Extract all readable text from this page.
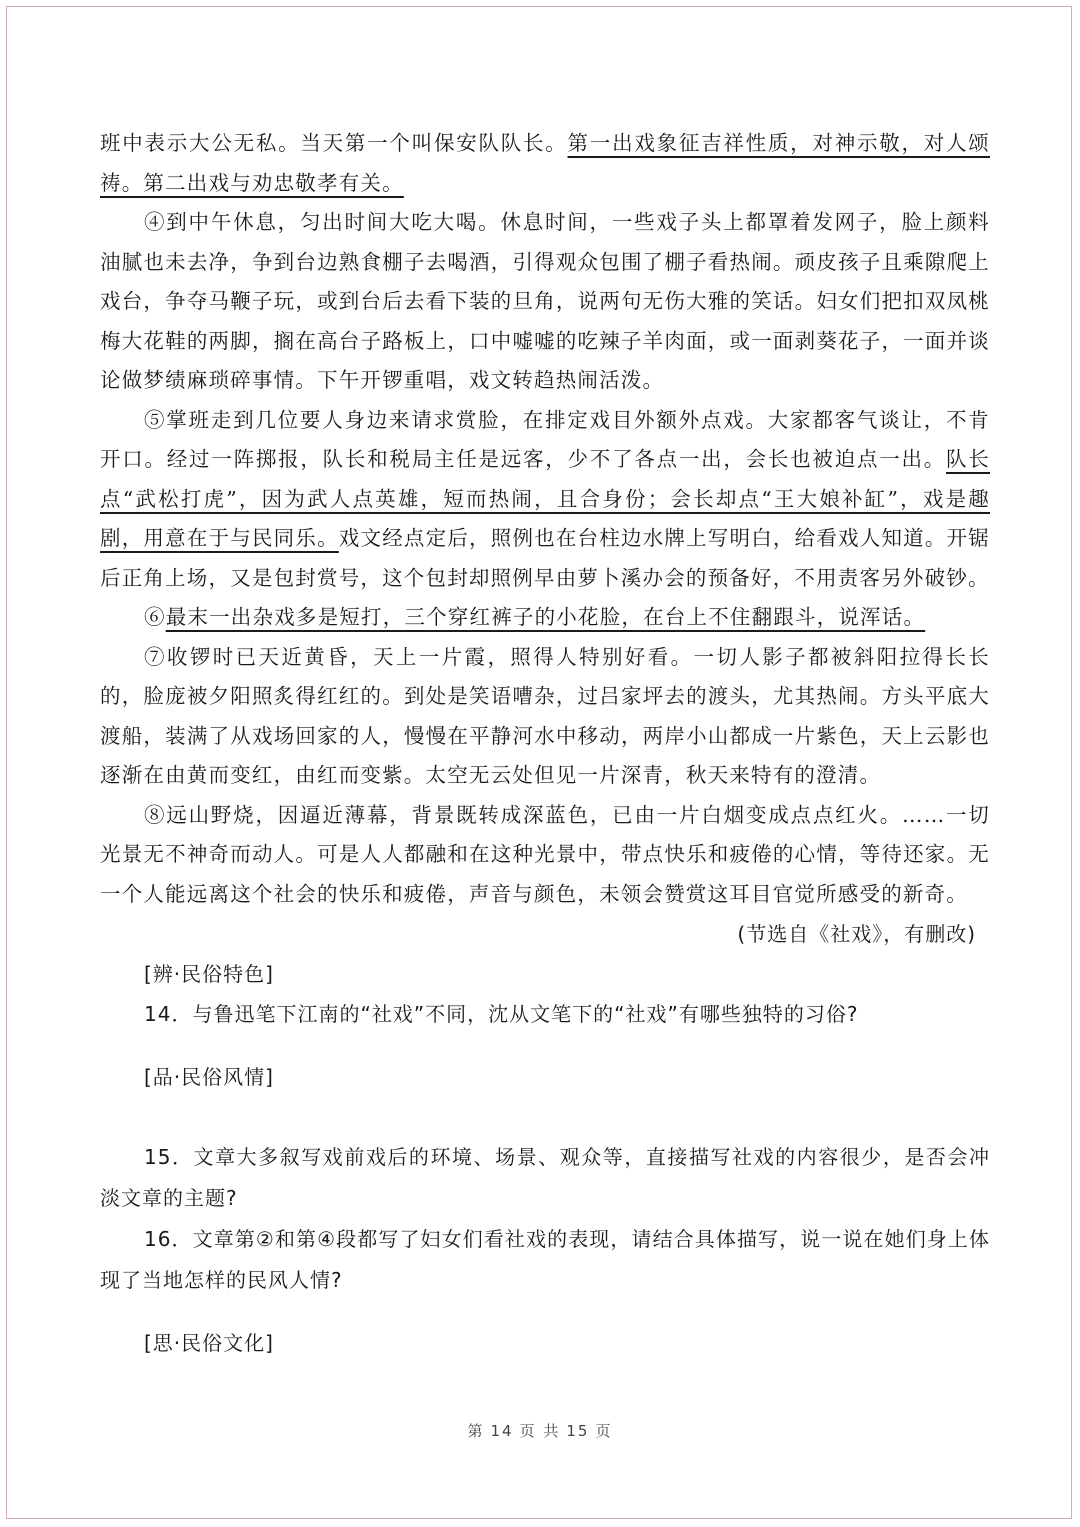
班中表示大公无私。当天第一个叫保安队队长。第一出戏象征吉祥性质，对神示敬，对人颂祷。第二出戏与劝忠敬孝有关。

④到中午休息，匀出时间大吃大喝。休息时间，一些戏子头上都罩着发网子，脸上颜料油腻也未去净，争到台边熟食棚子去喝酒，引得观众包围了棚子看热闹。顽皮孩子且乘隙爬上戏台，争夺马鞭子玩，或到台后去看下装的旦角，说两句无伤大雅的笑话。妇女们把扣双凤桃梅大花鞋的两脚，搁在高台子路板上，口中嘘嘘的吃辣子羊肉面，或一面剥葵花子，一面并谈论做梦绩麻琐碎事情。下午开锣重唱，戏文转趋热闹活泼。

⑤掌班走到几位要人身边来请求赏脸，在排定戏目外额外点戏。大家都客气谈让，不肯开口。经过一阵掷报，队长和税局主任是远客，少不了各点一出，会长也被迫点一出。队长点“武松打虎”，因为武人点英雄，短而热闹，且合身份；会长却点“王大娘补缸”，戏是趣剧，用意在于与民同乐。戏文经点定后，照例也在台柱边水牌上写明白，给看戏人知道。开锯后正角上场，又是包封赏号，这个包封却照例早由萝卜溪办会的预备好，不用责客另外破钞。

⑥最末一出杂戏多是短打，三个穿红裤子的小花脸，在台上不住翻跟斗，说浑话。

⑦收锣时已天近黄昏，天上一片霞，照得人特别好看。一切人影子都被斜阳拉得长长的，脸庞被夕阳照炙得红红的。到处是笑语嘈杂，过吕家坪去的渡头，尤其热闹。方头平底大渡船，装满了从戏场回家的人，慢慢在平静河水中移动，两岸小山都成一片紫色，天上云影也逐渐在由黄而变红，由红而变紫。太空无云处但见一片深青，秋天来特有的澄清。

⑧远山野烧，因逼近薄幕，背景既转成深蓝色，已由一片白烟变成点点红火。……一切光景无不神奇而动人。可是人人都融和在这种光景中，带点快乐和疲倦的心情，等待还家。无一个人能远离这个社会的快乐和疲倦，声音与颜色，未领会赞赏这耳目官觉所感受的新奇。

(节选自《社戏》，有删改)

[辨·民俗特色]

14．与鲁迅笔下江南的“社戏”不同，沈从文笔下的“社戏”有哪些独特的习俗?

[品·民俗风情]

15．文章大多叙写戏前戏后的环境、场景、观众等，直接描写社戏的内容很少，是否会冲淡文章的主题?

16．文章第②和第④段都写了妇女们看社戏的表现，请结合具体描写，说一说在她们身上体现了当地怎样的民风人情?

[思·民俗文化]

第 14 页 共 15 页
